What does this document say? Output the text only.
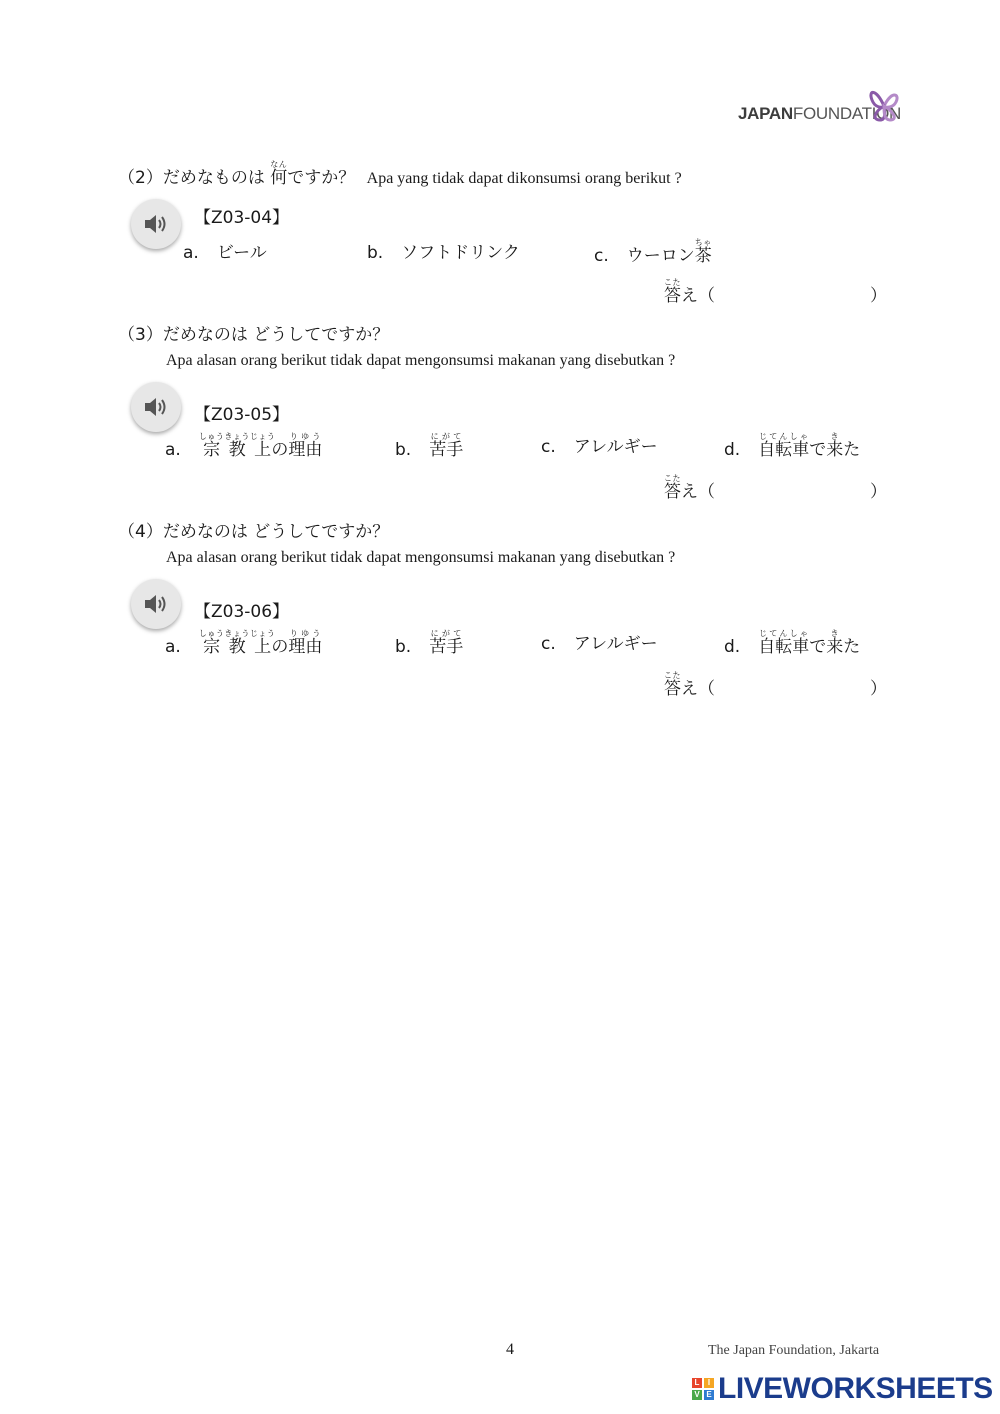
JAPANFOUNDATION
（2）だめなものは 何なんですか？ Apa yang tidak dapat dikonsumsi orang berikut ?
【Z03-04】
a. ビール	b. ソフトドリンク	c. ウーロン茶ちゃ
答こたえ（	）
（3）だめなのは どうしてですか？
Apa alasan orang berikut tidak dapat mengonsumsi makanan yang disebutkan ?
【Z03-05】
a. 宗しゅう 教きょう 上じょうの理由りゆう
b. 苦手にがて
c. アレルギー	d. 自転車じてんしゃで来きた
答こたえ（	）
（4）だめなのは どうしてですか？
Apa alasan orang berikut tidak dapat mengonsumsi makanan yang disebutkan ?
【Z03-06】
a. 宗しゅう 教きょう 上じょうの理由りゆう
b. 苦手にがて
c. アレルギー	d. 自転車じてんしゃで来きた
答こたえ（	）
4	The Japan Foundation, Jakarta
L	I
V E LIVEWORKSHEETS
